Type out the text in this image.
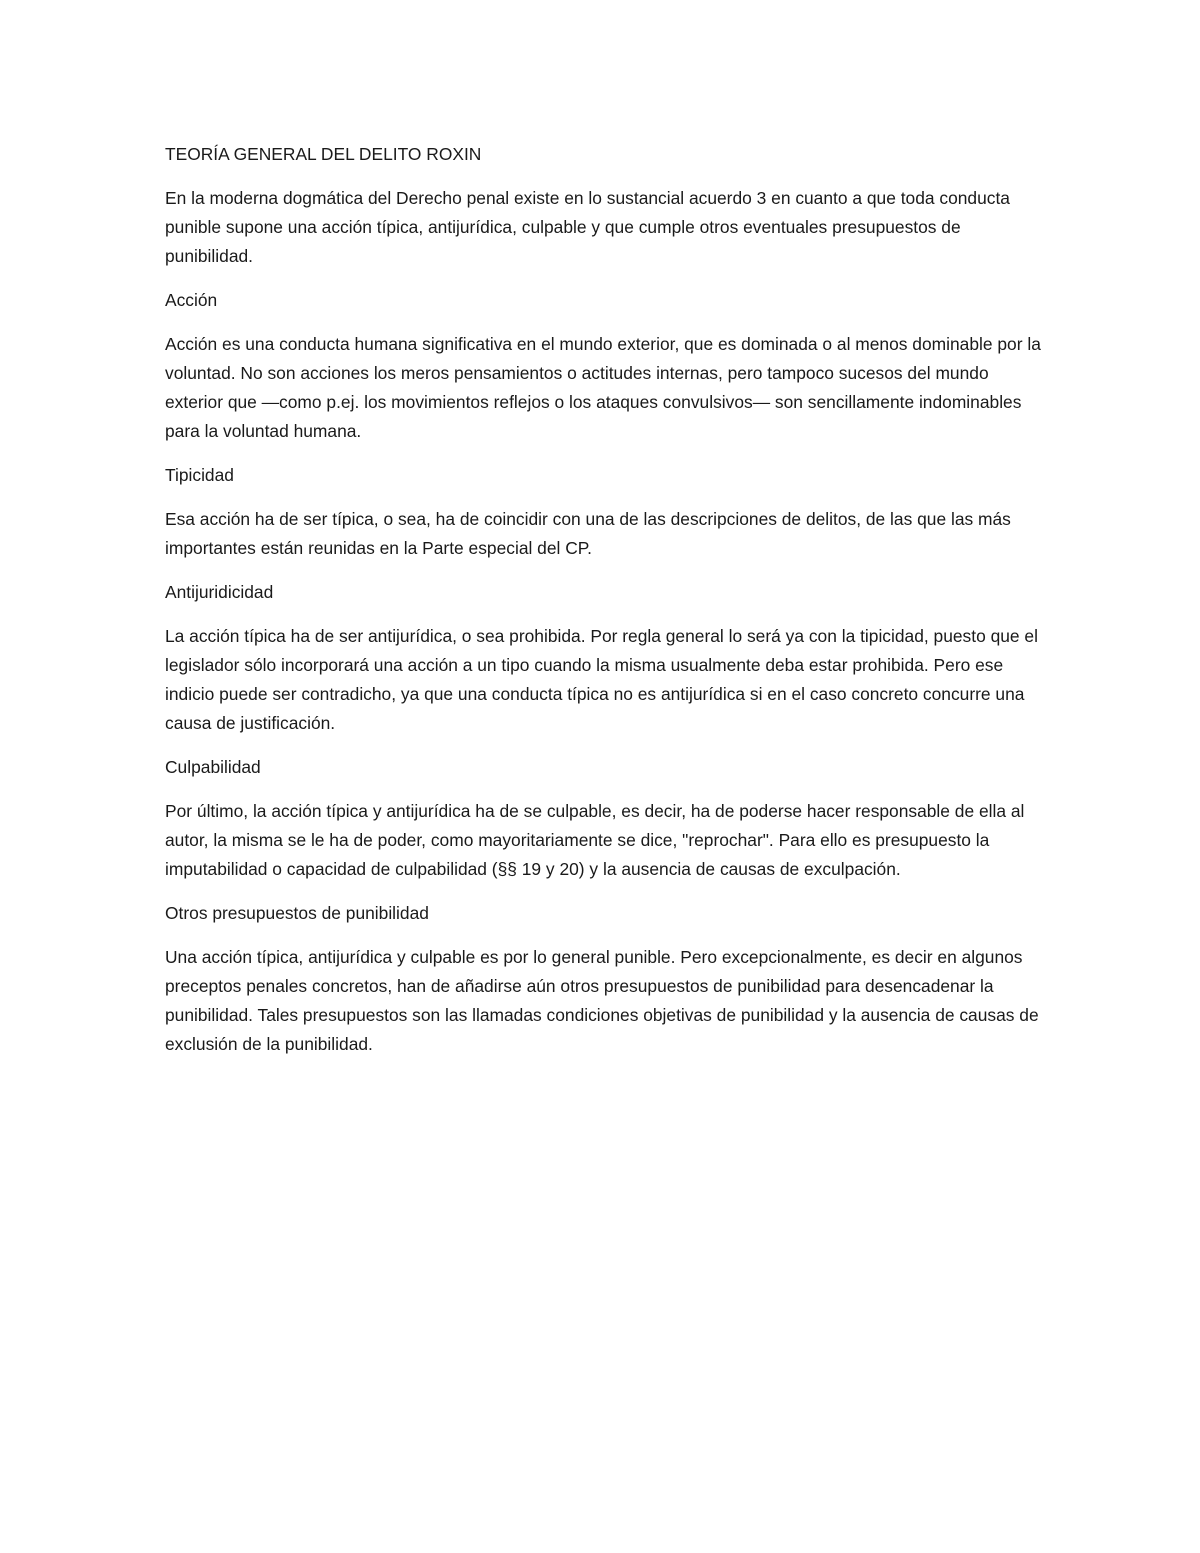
TEORÍA GENERAL DEL DELITO ROXIN

En la moderna dogmática del Derecho penal existe en lo sustancial acuerdo 3 en cuanto a que toda conducta punible supone una acción típica, antijurídica, culpable y que cumple otros eventuales presupuestos de punibilidad.

Acción

Acción es una conducta humana significativa en el mundo exterior, que es dominada o al menos dominable por la voluntad. No son acciones los meros pensamientos o actitudes internas, pero tampoco sucesos del mundo exterior que —como p.ej. los movimientos reflejos o los ataques convulsivos— son sencillamente indominables para la voluntad humana.

Tipicidad

Esa acción ha de ser típica, o sea, ha de coincidir con una de las descripciones de delitos, de las que las más importantes están reunidas en la Parte especial del CP.

Antijuridicidad

La acción típica ha de ser antijurídica, o sea prohibida. Por regla general lo será ya con la tipicidad, puesto que el legislador sólo incorporará una acción a un tipo cuando la misma usualmente deba estar prohibida. Pero ese indicio puede ser contradicho, ya que una conducta típica no es antijurídica si en el caso concreto concurre una causa de justificación.

Culpabilidad

Por último, la acción típica y antijurídica ha de se culpable, es decir, ha de poderse hacer responsable de ella al autor, la misma se le ha de poder, como mayoritariamente se dice, "reprochar". Para ello es presupuesto la imputabilidad o capacidad de culpabilidad (§§ 19 y 20) y la ausencia de causas de exculpación.

Otros presupuestos de punibilidad

Una acción típica, antijurídica y culpable es por lo general punible. Pero excepcionalmente, es decir en algunos preceptos penales concretos, han de añadirse aún otros presupuestos de punibilidad para desencadenar la punibilidad. Tales presupuestos son las llamadas condiciones objetivas de punibilidad y la ausencia de causas de exclusión de la punibilidad.
